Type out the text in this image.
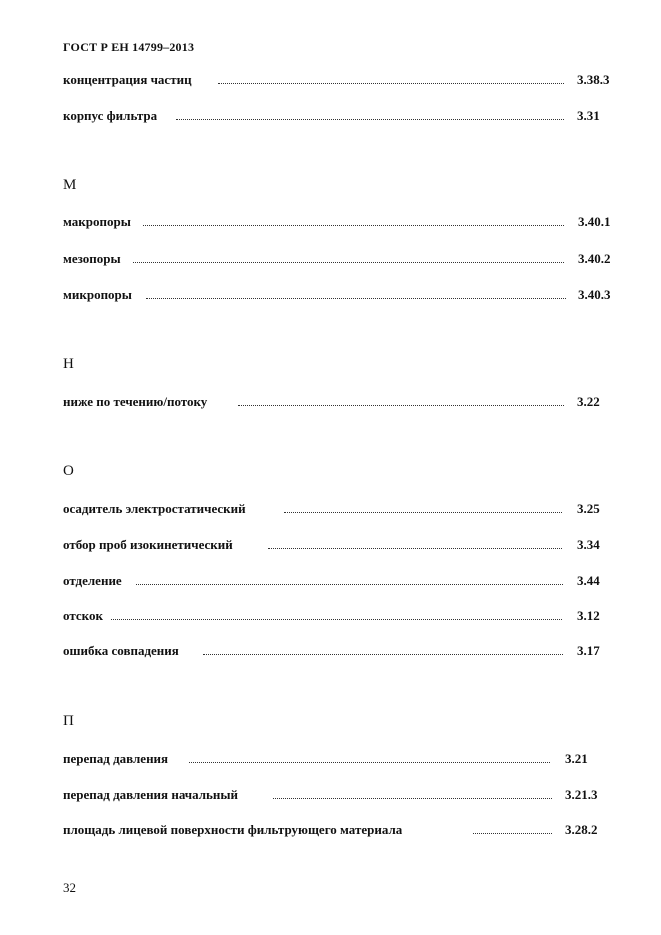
ГОСТ Р ЕН 14799–2013
концентрация частиц	3.38.3
корпус фильтра	3.31
М
макропоры	3.40.1
мезопоры	3.40.2
микропоры	3.40.3
Н
ниже по течению/потоку	3.22
О
осадитель электростатический	3.25
отбор проб изокинетический	3.34
отделение	3.44
отскок	3.12
ошибка совпадения	3.17
П
перепад давления	3.21
перепад давления начальный	3.21.3
площадь лицевой поверхности фильтрующего материала	3.28.2
32
